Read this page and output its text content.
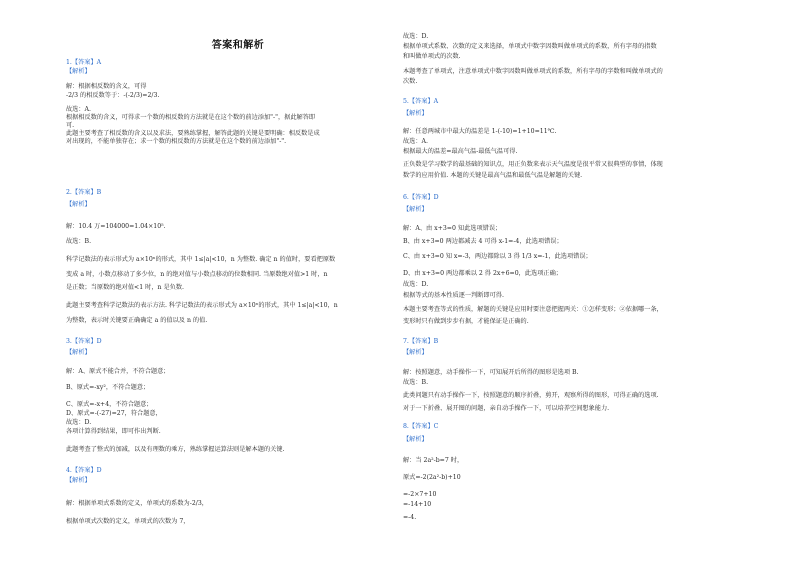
答案和解析
1.【答案】A
【解析】
解：根据相反数的含义，可得
-2/3 的相反数等于：-(-2/3)=2/3.
故选：A.
根据相反数的含义，可得求一个数的相反数的方法就是在这个数的前边添加"-"，据此解答即
可.
此题主要考查了相反数的含义以及求法，要熟练掌握，解答此题的关键是要明确：相反数是成
对出现的，不能单独存在；求一个数的相反数的方法就是在这个数的前边添加"-".
2.【答案】B
【解析】
解：10.4 万=104000=1.04×10⁵.
故选：B.
科学记数法的表示形式为 a×10ⁿ的形式，其中 1≤|a|<10，n 为整数. 确定 n 的值时，要看把原数
变成 a 时，小数点移动了多少位，n 的绝对值与小数点移动的位数相同. 当原数绝对值>1 时，n
是正数；当原数的绝对值<1 时，n 是负数.
此题主要考查科学记数法的表示方法. 科学记数法的表示形式为 a×10ⁿ的形式，其中 1≤|a|<10，n
为整数，表示时关键要正确确定 a 的值以及 n 的值.
3.【答案】D
【解析】
解：A、原式不能合并，不符合题意；
B、原式=-xy²，不符合题意；
C、原式=-x+4，不符合题意；
D、原式=-(-27)=27，符合题意，
故选：D.
各项计算得到结果，即可作出判断.
此题考查了整式的加减，以及有理数的乘方，熟练掌握运算法则是解本题的关键.
4.【答案】D
【解析】
解：根据单项式系数的定义，单项式的系数为-2/3，
根据单项式次数的定义，单项式的次数为 7，
故选：D.
根据单项式系数、次数的定义来选择，单项式中数字因数叫做单项式的系数，所有字母的指数
和叫做单项式的次数.
本题考查了单项式，注意单项式中数字因数叫做单项式的系数，所有字母的字数和叫做单项式的
次数.
5.【答案】A
【解析】
解：任意两城市中最大的温差是 1-(-10)=1+10=11℃.
故选：A.
根据最大的温差=最高气温-最低气温可得.
正负数是学习数学的最基础的知识点，用正负数来表示天气温度是很平常又很典型的事情，体现
数学的应用价值. 本题的关键是最高气温和最低气温是解题的关键.
6.【答案】D
【解析】
解：A、由 x+3=0 知此选项错误；
B、由 x+3=0 两边都减去 4 可得 x-1=-4，此选项错误；
C、由 x+3=0 知 x=-3，两边都除以 3 得 1/3 x=-1，此选项错误；
D、由 x+3=0 两边都乘以 2 得 2x+6=0，此选项正确；
故选：D.
根据等式的基本性质逐一判断即可得.
本题主要考查等式的性质，解题的关键是应用时要注意把握两关：①怎样变形；②依据哪一条，
变形时只有做到步步有据，才能保证是正确的.
7.【答案】B
【解析】
解：按照题意，动手操作一下，可知展开后所得的图形是选项 B.
故选：B.
此类问题只有动手操作一下，按照题意的顺序折叠，剪开，观察所得的图形，可得正确的选项.
对于一下折叠、展开图的问题，亲自动手操作一下，可以培养空间想象能力.
8.【答案】C
【解析】
解：当 2a²-b=7 时，
原式=-2(2a²-b)+10
=-2×7+10
=-14+10
=-4.
